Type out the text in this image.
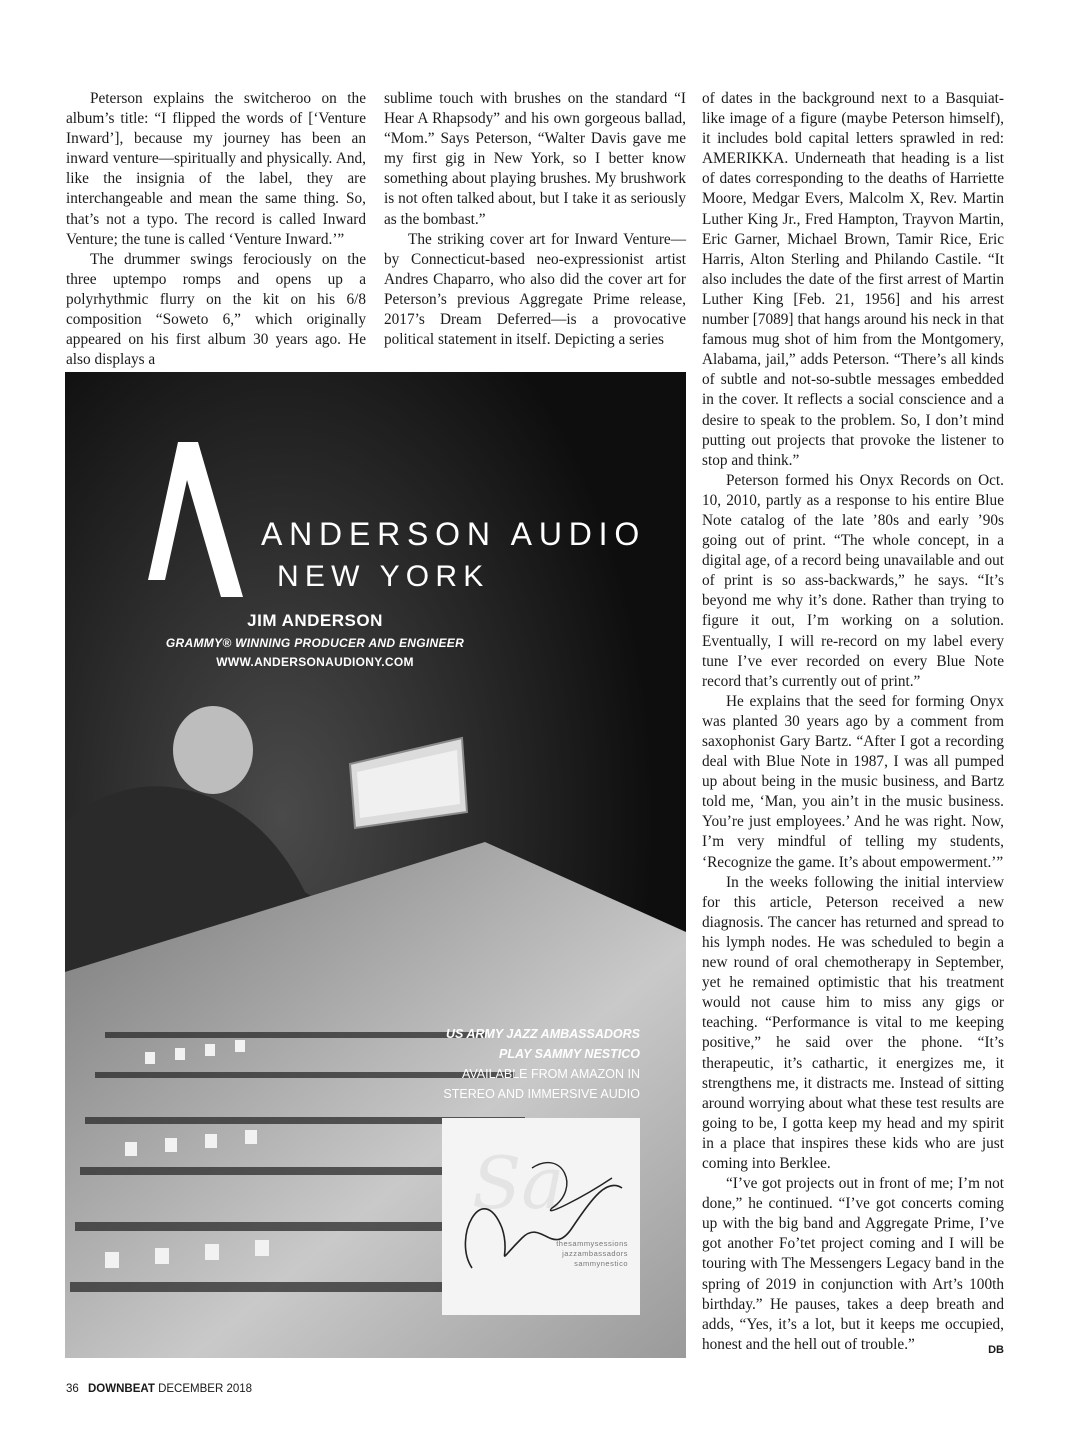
Peterson explains the switcheroo on the album’s title: “I flipped the words of [‘Venture Inward’], because my journey has been an inward venture—spiritually and physically. And, like the insignia of the label, they are interchangeable and mean the same thing. So, that’s not a typo. The record is called Inward Venture; the tune is called ‘Venture Inward.’”

The drummer swings ferociously on the three uptempo romps and opens up a polyrhythmic flurry on the kit on his 6/8 composition “Soweto 6,” which originally appeared on his first album 30 years ago. He also displays a

sublime touch with brushes on the standard “I Hear A Rhapsody” and his own gorgeous ballad, “Mom.” Says Peterson, “Walter Davis gave me my first gig in New York, so I better know something about playing brushes. My brushwork is not often talked about, but I take it as seriously as the bombast.”

The striking cover art for Inward Venture—by Connecticut-based neo-expressionist artist Andres Chaparro, who also did the cover art for Peterson’s previous Aggregate Prime release, 2017’s Dream Deferred—is a provocative political statement in itself. Depicting a series

of dates in the background next to a Basquiat-like image of a figure (maybe Peterson himself), it includes bold capital letters sprawled in red: AMERIKKA. Underneath that heading is a list of dates corresponding to the deaths of Harriette Moore, Medgar Evers, Malcolm X, Rev. Martin Luther King Jr., Fred Hampton, Trayvon Martin, Eric Garner, Michael Brown, Tamir Rice, Eric Harris, Alton Sterling and Philando Castile. “It also includes the date of the first arrest of Martin Luther King [Feb. 21, 1956] and his arrest number [7089] that hangs around his neck in that famous mug shot of him from the Montgomery, Alabama, jail,” adds Peterson. “There’s all kinds of subtle and not-so-subtle messages embedded in the cover. It reflects a social conscience and a desire to speak to the problem. So, I don’t mind putting out projects that provoke the listener to stop and think.”

Peterson formed his Onyx Records on Oct. 10, 2010, partly as a response to his entire Blue Note catalog of the late ’80s and early ’90s going out of print. “The whole concept, in a digital age, of a record being unavailable and out of print is so ass-backwards,” he says. “It’s beyond me why it’s done. Rather than trying to figure it out, I’m working on a solution. Eventually, I will re-record on my label every tune I’ve ever recorded on every Blue Note record that’s currently out of print.”

He explains that the seed for forming Onyx was planted 30 years ago by a comment from saxophonist Gary Bartz. “After I got a recording deal with Blue Note in 1987, I was all pumped up about being in the music business, and Bartz told me, ‘Man, you ain’t in the music business. You’re just employees.’ And he was right. Now, I’m very mindful of telling my students, ‘Recognize the game. It’s about empowerment.’”

In the weeks following the initial interview for this article, Peterson received a new diagnosis. The cancer has returned and spread to his lymph nodes. He was scheduled to begin a new round of oral chemotherapy in September, yet he remained optimistic that his treatment would not cause him to miss any gigs or teaching. “Performance is vital to me keeping positive,” he said over the phone. “It’s therapeutic, it’s cathartic, it energizes me, it strengthens me, it distracts me. Instead of sitting around worrying about what these test results are going to be, I gotta keep my head and my spirit in a place that inspires these kids who are just coming into Berklee.

“I’ve got projects out in front of me; I’m not done,” he continued. “I’ve got concerts coming up with the big band and Aggregate Prime, I’ve got another Fo’tet project coming and I will be touring with The Messengers Legacy band in the spring of 2019 in conjunction with Art’s 100th birthday.” He pauses, takes a deep breath and adds, “Yes, it’s a lot, but it keeps me occupied, honest and the hell out of trouble.”	DB

ANDERSON AUDIO
NEW YORK
JIM ANDERSON
GRAMMY® WINNING PRODUCER AND ENGINEER
WWW.ANDERSONAUDIONY.COM
US ARMY JAZZ AMBASSADORS
PLAY SAMMY NESTICO
AVAILABLE FROM AMAZON IN
STEREO AND IMMERSIVE AUDIO
Sa
thesammysessions
jazzambassadors
sammynestico
36 DOWNBEAT DECEMBER 2018
